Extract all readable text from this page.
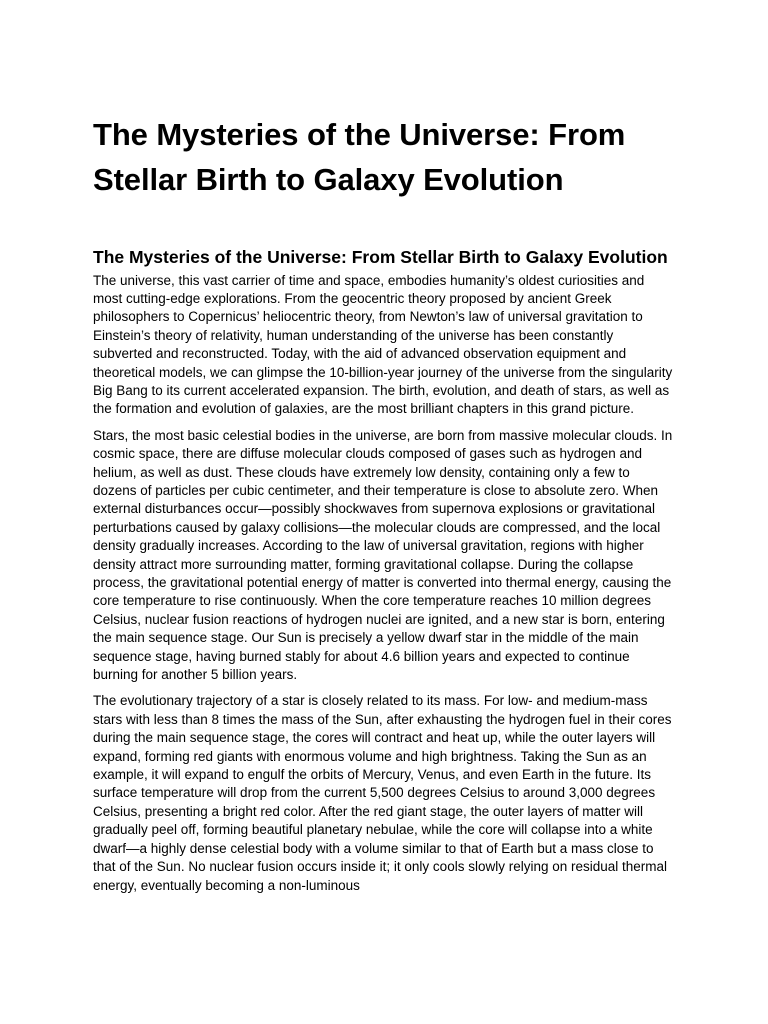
The Mysteries of the Universe: From Stellar Birth to Galaxy Evolution
The Mysteries of the Universe: From Stellar Birth to Galaxy Evolution

The universe, this vast carrier of time and space, embodies humanity’s oldest curiosities and most cutting-edge explorations. From the geocentric theory proposed by ancient Greek philosophers to Copernicus’ heliocentric theory, from Newton’s law of universal gravitation to Einstein’s theory of relativity, human understanding of the universe has been constantly subverted and reconstructed. Today, with the aid of advanced observation equipment and theoretical models, we can glimpse the 10-billion-year journey of the universe from the singularity Big Bang to its current accelerated expansion. The birth, evolution, and death of stars, as well as the formation and evolution of galaxies, are the most brilliant chapters in this grand picture.

Stars, the most basic celestial bodies in the universe, are born from massive molecular clouds. In cosmic space, there are diffuse molecular clouds composed of gases such as hydrogen and helium, as well as dust. These clouds have extremely low density, containing only a few to dozens of particles per cubic centimeter, and their temperature is close to absolute zero. When external disturbances occur—possibly shockwaves from supernova explosions or gravitational perturbations caused by galaxy collisions—the molecular clouds are compressed, and the local density gradually increases. According to the law of universal gravitation, regions with higher density attract more surrounding matter, forming gravitational collapse. During the collapse process, the gravitational potential energy of matter is converted into thermal energy, causing the core temperature to rise continuously. When the core temperature reaches 10 million degrees Celsius, nuclear fusion reactions of hydrogen nuclei are ignited, and a new star is born, entering the main sequence stage. Our Sun is precisely a yellow dwarf star in the middle of the main sequence stage, having burned stably for about 4.6 billion years and expected to continue burning for another 5 billion years.

The evolutionary trajectory of a star is closely related to its mass. For low- and medium-mass stars with less than 8 times the mass of the Sun, after exhausting the hydrogen fuel in their cores during the main sequence stage, the cores will contract and heat up, while the outer layers will expand, forming red giants with enormous volume and high brightness. Taking the Sun as an example, it will expand to engulf the orbits of Mercury, Venus, and even Earth in the future. Its surface temperature will drop from the current 5,500 degrees Celsius to around 3,000 degrees Celsius, presenting a bright red color. After the red giant stage, the outer layers of matter will gradually peel off, forming beautiful planetary nebulae, while the core will collapse into a white dwarf—a highly dense celestial body with a volume similar to that of Earth but a mass close to that of the Sun. No nuclear fusion occurs inside it; it only cools slowly relying on residual thermal energy, eventually becoming a non-luminous
